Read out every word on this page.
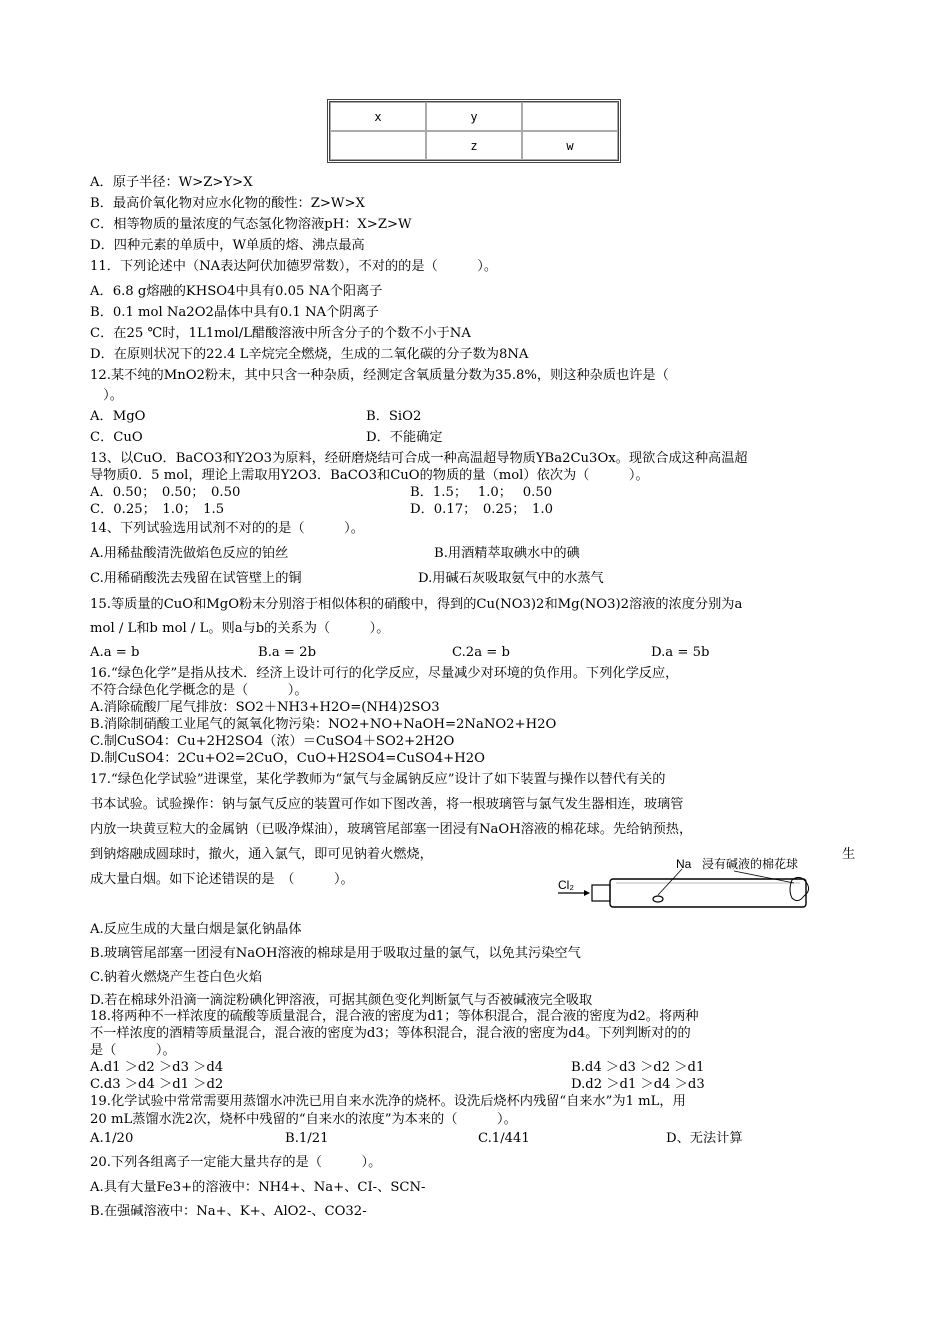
x	y	
	z	w
A．原子半径：W>Z>Y>X
B．最高价氧化物对应水化物的酸性：Z>W>X
C．相等物质的量浓度的气态氢化物溶液pH：X>Z>W
D．四种元素的单质中，W单质的熔、沸点最高
11．下列论述中（NA表达阿伏加德罗常数），不对的的是（　　　）。
A．6.8 g熔融的KHSO4中具有0.05 NA个阳离子
B．0.1 mol Na2O2晶体中具有0.1 NA个阴离子
C．在25 ℃时，1L1mol/L醋酸溶液中所含分子的个数不小于NA
D．在原则状况下的22.4 L辛烷完全燃烧，生成的二氧化碳的分子数为8NA
12.某不纯的MnO2粉末，其中只含一种杂质，经测定含氧质量分数为35.8%，则这种杂质也许是（
　）。
A．MgO	B．SiO2
C．CuO	D．不能确定
13、以CuO．BaCO3和Y2O3为原料，经研磨烧结可合成一种高温超导物质YBa2Cu3Ox。现欲合成这种高温超
导物质0．5 mol，理论上需取用Y2O3．BaCO3和CuO的物质的量（mol）依次为（　　　）。
A．0.50；　0.50；　0.50	B．1.5；　 1.0；　 0.50
C．0.25；　1.0；　1.5	D．0.17；　0.25；　1.0
14、下列试验选用试剂不对的的是（　　　）。
A.用稀盐酸清洗做焰色反应的铂丝	B.用酒精萃取碘水中的碘
C.用稀硝酸洗去残留在试管壁上的铜	D.用碱石灰吸取氨气中的水蒸气
15.等质量的CuO和MgO粉末分别溶于相似体积的硝酸中，得到的Cu(NO3)2和Mg(NO3)2溶液的浓度分别为a
mol / L和b mol / L。则a与b的关系为（　　　）。
A.a = b	B.a = 2b	C.2a = b	D.a = 5b
16.“绿色化学”是指从技术．经济上设计可行的化学反应，尽量减少对环境的负作用。下列化学反应，
不符合绿色化学概念的是（　　　）。
A.消除硫酸厂尾气排放：SO2＋NH3+H2O=(NH4)2SO3
B.消除制硝酸工业尾气的氮氧化物污染：NO2+NO+NaOH=2NaNO2+H2O
C.制CuSO4：Cu+2H2SO4（浓）＝CuSO4＋SO2+2H2O
D.制CuSO4：2Cu+O2=2CuO，CuO+H2SO4=CuSO4+H2O
17.“绿色化学试验”进课堂，某化学教师为“氯气与金属钠反应”设计了如下装置与操作以替代有关的
书本试验。试验操作：钠与氯气反应的装置可作如下图改善，将一根玻璃管与氯气发生器相连，玻璃管
内放一块黄豆粒大的金属钠（已吸净煤油），玻璃管尾部塞一团浸有NaOH溶液的棉花球。先给钠预热，
到钠熔融成圆球时，撤火，通入氯气，即可见钠着火燃烧，	生
成大量白烟。如下论述错误的是　（　　　）。	Cl₂
Na 浸有碱液的棉花球
A.反应生成的大量白烟是氯化钠晶体
B.玻璃管尾部塞一团浸有NaOH溶液的棉球是用于吸取过量的氯气，以免其污染空气
C.钠着火燃烧产生苍白色火焰
D.若在棉球外沿滴一滴淀粉碘化钾溶液，可据其颜色变化判断氯气与否被碱液完全吸取
18.将两种不一样浓度的硫酸等质量混合，混合液的密度为d1；等体积混合，混合液的密度为d2。将两种
不一样浓度的酒精等质量混合，混合液的密度为d3；等体积混合，混合液的密度为d4。下列判断对的的
是（　　　）。
A.d1 ＞d2 ＞d3 ＞d4	B.d4 ＞d3 ＞d2 ＞d1
C.d3 ＞d4 ＞d1 ＞d2	D.d2 ＞d1 ＞d4 ＞d3
19.化学试验中常常需要用蒸馏水冲洗已用自来水洗净的烧杯。设洗后烧杯内残留“自来水”为1 mL，用
20 mL蒸馏水洗2次，烧杯中残留的“自来水的浓度”为本来的（　　　）。
A.1/20	B.1/21	C.1/441	D、无法计算
20.下列各组离子一定能大量共存的是（　　　）。
A.具有大量Fe3+的溶液中：NH4+、Na+、CI-、SCN-
B.在强碱溶液中：Na+、K+、AlO2-、CO32-
